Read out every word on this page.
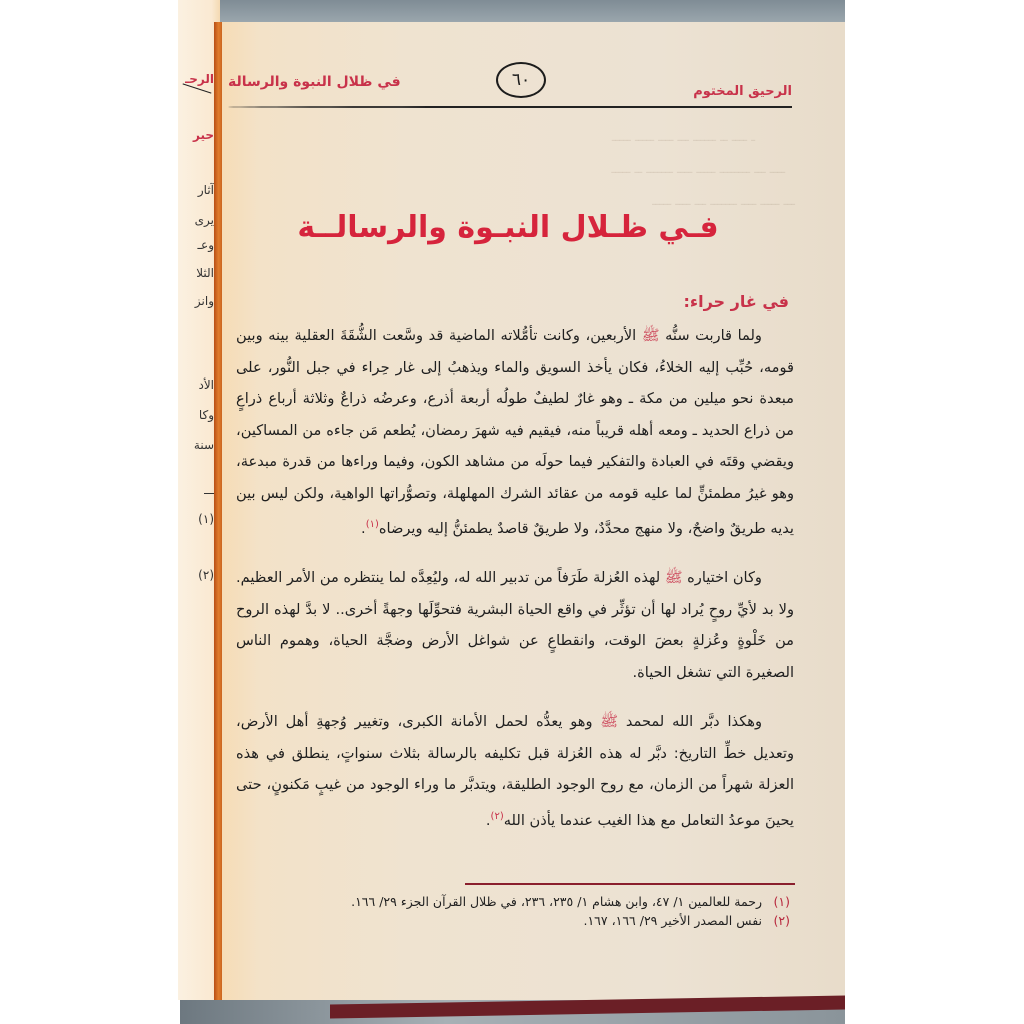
الرحـ
حير
آثار
يرى
وعـ
الثلا
وانز
الأد
وكا
سنة
(١)
(٢)
ـ ــــ ــ ــــــ ـــ ــــ ـــــ ـــــ
ــــ ـــ ــــــــ ـــــ ــــ ـــــــ ــ ـــــ
ـــ ـــــ ــــ ـــــــ ـــ ــــ ـــــ
الرحيق المختوم
٦٠
في ظلال النبوة والرسالة
فـي ظـلال النبـوة والرسالــة
في غار حراء:

ولما قاربت سنُّه ﷺ الأربعين، وكانت تأمُّلاته الماضية قد وسَّعت الشُّقَةَ العقلية بينه وبين قومه، حُبِّب إليه الخلاءُ، فكان يأخذ السويق والماء ويذهبُ إلى غار حِراء في جبل النُّور، على مبعدة نحو ميلين من مكة ـ وهو غارٌ لطيفٌ طولُه أربعة أذرع، وعرضُه ذراعٌ وثلاثة أرباع ذراعٍ من ذراع الحديد ـ ومعه أهله قريباً منه، فيقيم فيه شهرَ رمضان، يُطعم مَن جاءه من المساكين، ويقضي وقتَه في العبادة والتفكير فيما حولَه من مشاهد الكون، وفيما وراءها من قدرة مبدعة، وهو غيرُ مطمئنٍّ لما عليه قومه من عقائد الشرك المهلهلة، وتصوُّراتها الواهية، ولكن ليس بين يديه طريقٌ واضحٌ، ولا منهج محدَّدٌ، ولا طريقٌ قاصدٌ يطمئنُّ إليه ويرضاه$^{(١)}$.

وكان اختياره ﷺ لهذه العُزلة طَرَفاً من تدبير الله له، وليُعِدَّه لما ينتظره من الأمر العظيم. ولا بد لأيِّ روحٍ يُراد لها أن تؤثِّر في واقع الحياة البشرية فتحوِّلَها وجهةً أخرى.. لا بدَّ لهذه الروح من خَلْوةٍ وعُزلةٍ بعضَ الوقت، وانقطاعٍ عن شواغل الأرض وضجَّة الحياة، وهموم الناس الصغيرة التي تشغل الحياة.

وهكذا دبَّر الله لمحمد ﷺ وهو يعدُّه لحمل الأمانة الكبرى، وتغيير وُجهةِ أهل الأرض، وتعديل خطِّ التاريخ: دبَّر له هذه العُزلة قبل تكليفه بالرسالة بثلاث سنواتٍ، ينطلق في هذه العزلة شهراً من الزمان، مع روح الوجود الطليقة، ويتدبَّر ما وراء الوجود من غيبٍ مَكنونٍ، حتى يحينَ موعدُ التعامل مع هذا الغيب عندما يأذن الله$^{(٢)}$.

(١)
رحمة للعالمين ١/ ٤٧، وابن هشام ١/ ٢٣٥، ٢٣٦، في ظلال القرآن الجزء ٢٩/ ١٦٦.
(٢)
نفس المصدر الأخير ٢٩/ ١٦٦، ١٦٧.
